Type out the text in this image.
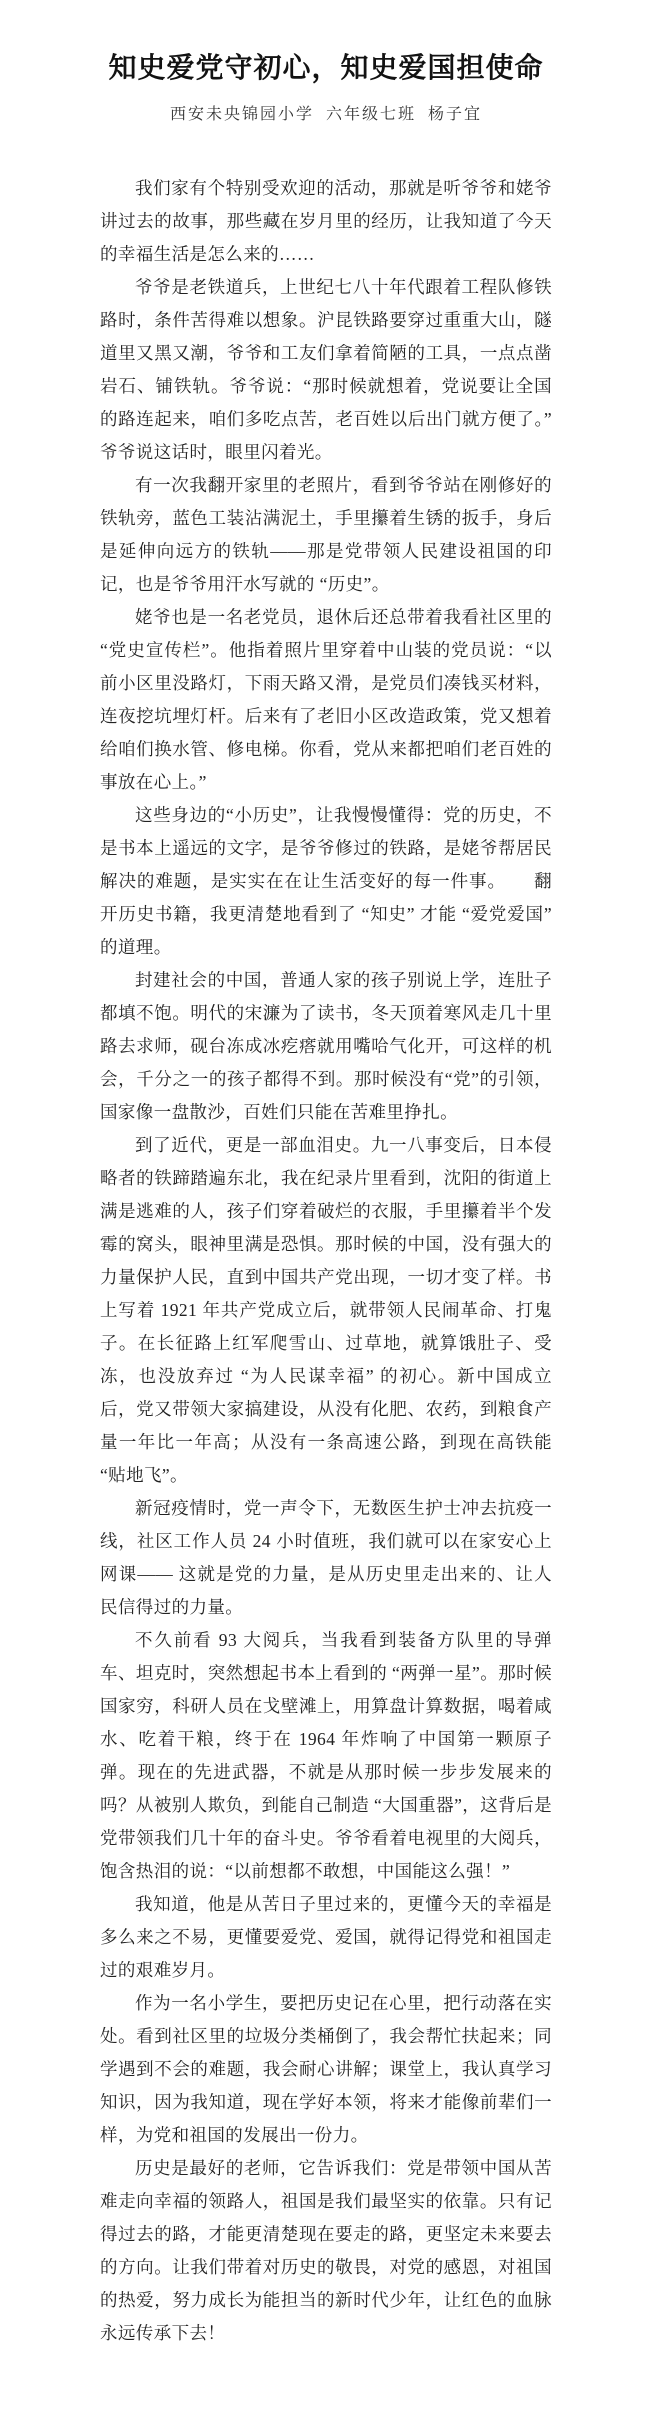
知史爱党守初心，知史爱国担使命
西安未央锦园小学 六年级七班 杨子宜

我们家有个特别受欢迎的活动，那就是听爷爷和姥爷讲过去的故事，那些藏在岁月里的经历，让我知道了今天的幸福生活是怎么来的……

爷爷是老铁道兵，上世纪七八十年代跟着工程队修铁路时，条件苦得难以想象。沪昆铁路要穿过重重大山，隧道里又黑又潮，爷爷和工友们拿着简陋的工具，一点点凿岩石、铺铁轨。爷爷说：“那时候就想着，党说要让全国的路连起来，咱们多吃点苦，老百姓以后出门就方便了。” 爷爷说这话时，眼里闪着光。

有一次我翻开家里的老照片，看到爷爷站在刚修好的铁轨旁，蓝色工装沾满泥土，手里攥着生锈的扳手，身后是延伸向远方的铁轨——那是党带领人民建设祖国的印记，也是爷爷用汗水写就的 “历史”。

姥爷也是一名老党员，退休后还总带着我看社区里的“党史宣传栏”。他指着照片里穿着中山装的党员说：“以前小区里没路灯，下雨天路又滑，是党员们凑钱买材料，连夜挖坑埋灯杆。后来有了老旧小区改造政策，党又想着给咱们换水管、修电梯。你看，党从来都把咱们老百姓的事放在心上。”

这些身边的“小历史”，让我慢慢懂得：党的历史，不是书本上遥远的文字，是爷爷修过的铁路，是姥爷帮居民解决的难题，是实实在在让生活变好的每一件事。　　翻开历史书籍，我更清楚地看到了 “知史” 才能 “爱党爱国” 的道理。

封建社会的中国，普通人家的孩子别说上学，连肚子都填不饱。明代的宋濂为了读书，冬天顶着寒风走几十里路去求师，砚台冻成冰疙瘩就用嘴哈气化开，可这样的机会，千分之一的孩子都得不到。那时候没有“党”的引领，国家像一盘散沙，百姓们只能在苦难里挣扎。

到了近代，更是一部血泪史。九一八事变后，日本侵略者的铁蹄踏遍东北，我在纪录片里看到，沈阳的街道上满是逃难的人，孩子们穿着破烂的衣服，手里攥着半个发霉的窝头，眼神里满是恐惧。那时候的中国，没有强大的力量保护人民，直到中国共产党出现，一切才变了样。书上写着 1921 年共产党成立后，就带领人民闹革命、打鬼子。在长征路上红军爬雪山、过草地，就算饿肚子、受冻，也没放弃过 “为人民谋幸福” 的初心。新中国成立后，党又带领大家搞建设，从没有化肥、农药，到粮食产量一年比一年高；从没有一条高速公路，到现在高铁能 “贴地飞”。

新冠疫情时，党一声令下，无数医生护士冲去抗疫一线，社区工作人员 24 小时值班，我们就可以在家安心上网课—— 这就是党的力量，是从历史里走出来的、让人民信得过的力量。

不久前看 93 大阅兵，当我看到装备方队里的导弹车、坦克时，突然想起书本上看到的 “两弹一星”。那时候国家穷，科研人员在戈壁滩上，用算盘计算数据，喝着咸水、吃着干粮，终于在 1964 年炸响了中国第一颗原子弹。现在的先进武器，不就是从那时候一步步发展来的吗？从被别人欺负，到能自己制造 “大国重器”，这背后是党带领我们几十年的奋斗史。爷爷看着电视里的大阅兵，饱含热泪的说：“以前想都不敢想，中国能这么强！”

我知道，他是从苦日子里过来的，更懂今天的幸福是多么来之不易，更懂要爱党、爱国，就得记得党和祖国走过的艰难岁月。

作为一名小学生，要把历史记在心里，把行动落在实处。看到社区里的垃圾分类桶倒了，我会帮忙扶起来；同学遇到不会的难题，我会耐心讲解；课堂上，我认真学习知识，因为我知道，现在学好本领，将来才能像前辈们一样，为党和祖国的发展出一份力。

历史是最好的老师，它告诉我们：党是带领中国从苦难走向幸福的领路人，祖国是我们最坚实的依靠。只有记得过去的路，才能更清楚现在要走的路，更坚定未来要去的方向。让我们带着对历史的敬畏，对党的感恩，对祖国的热爱，努力成长为能担当的新时代少年，让红色的血脉永远传承下去！
